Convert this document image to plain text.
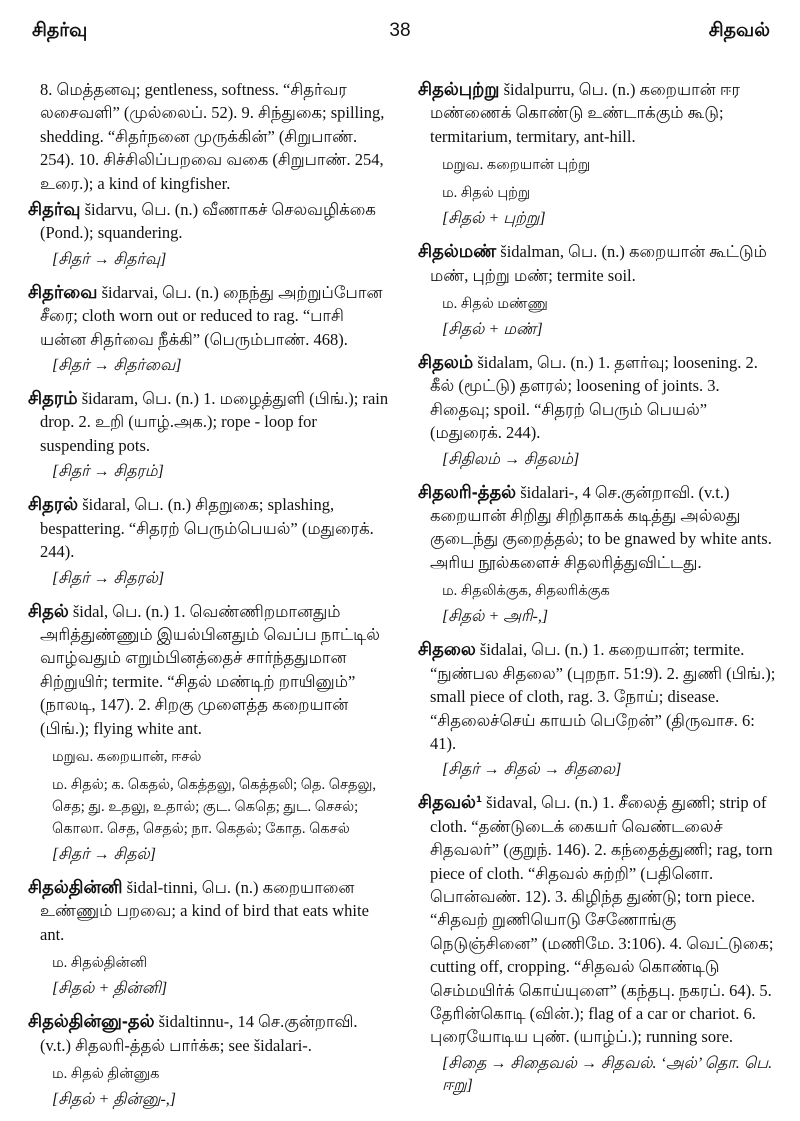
சிதர்வு	38	சிதவல்

8. மெத்தனவு; gentleness, softness. “சிதர்வர லசைவளி” (முல்லைப். 52). 9. சிந்துகை; spilling, shedding. “சிதர்நனை முருக்கின்” (சிறுபாண். 254). 10. சிச்சிலிப்பறவை வகை (சிறுபாண். 254, உரை.); a kind of kingfisher.

சிதர்வு šidarvu, பெ. (n.) வீணாகச் செலவழிக்கை (Pond.); squandering.

[சிதர் → சிதர்வு]

சிதர்வை šidarvai, பெ. (n.) நைந்து அற்றுப்போன சீரை; cloth worn out or reduced to rag. “பாசி யன்ன சிதர்வை நீக்கி” (பெரும்பாண். 468).

[சிதர் → சிதர்வை]

சிதரம் šidaram, பெ. (n.) 1. மழைத்துளி (பிங்.); rain drop. 2. உறி (யாழ்.அக.); rope - loop for suspending pots.

[சிதர் → சிதரம்]

சிதரல் šidaral, பெ. (n.) சிதறுகை; splashing, bespattering. “சிதரற் பெரும்பெயல்” (மதுரைக். 244).

[சிதர் → சிதரல்]

சிதல் šidal, பெ. (n.) 1. வெண்ணிறமானதும் அரித்துண்ணும் இயல்பினதும் வெப்ப நாட்டில் வாழ்வதும் எறும்பினத்தைச் சார்ந்ததுமான சிற்றுயிர்; termite. “சிதல் மண்டிற் றாயினும்” (நாலடி, 147). 2. சிறகு முளைத்த கறையான் (பிங்.); flying white ant.

மறுவ. கறையான், ஈசல்

ம. சிதல்; க. கெதல், கெத்தலு, கெத்தலி; தெ. செதலு, செத; து. உதலு, உதால்; குட. கெதெ; துட. செசல்; கொலா. செத, செதல்; நா. கெதல்; கோத. கெசல்

[சிதர் → சிதல்]

சிதல்தின்னி šidal-tinni, பெ. (n.) கறையானை உண்ணும் பறவை; a kind of bird that eats white ant.

ம. சிதல்தின்னி

[சிதல் + தின்னி]

சிதல்தின்னு-தல் šidaltinnu-, 14 செ.குன்றாவி. (v.t.) சிதலரி-த்தல் பார்க்க; see šidalari-.

ம. சிதல் தின்னுக

[சிதல் + தின்னு-,]

சிதல்புற்று šidalpurru, பெ. (n.) கறையான் ஈர மண்ணைக் கொண்டு உண்டாக்கும் கூடு; termitarium, termitary, ant-hill.

மறுவ. கறையான் புற்று

ம. சிதல் புற்று

[சிதல் + புற்று]

சிதல்மண் šidalman, பெ. (n.) கறையான் கூட்டும் மண், புற்று மண்; termite soil.

ம. சிதல் மண்ணு

[சிதல் + மண்]

சிதலம் šidalam, பெ. (n.) 1. தளர்வு; loosening. 2. கீல் (மூட்டு) தளரல்; loosening of joints. 3. சிதைவு; spoil. “சிதரற் பெரும் பெயல்” (மதுரைக். 244).

[சிதிலம் → சிதலம்]

சிதலரி-த்தல் šidalari-, 4 செ.குன்றாவி. (v.t.) கறையான் சிறிது சிறிதாகக் கடித்து அல்லது குடைந்து குறைத்தல்; to be gnawed by white ants. அரிய நூல்களைச் சிதலரித்துவிட்டது.

ம. சிதலிக்குக, சிதலரிக்குக

[சிதல் + அரி-,]

சிதலை šidalai, பெ. (n.) 1. கறையான்; termite. “நுண்பல சிதலை” (புறநா. 51:9). 2. துணி (பிங்.); small piece of cloth, rag. 3. நோய்; disease. “சிதலைச்செய் காயம் பெறேன்” (திருவாச. 6: 41).

[சிதர் → சிதல் → சிதலை]

சிதவல்¹ šidaval, பெ. (n.) 1. சீலைத் துணி; strip of cloth. “தண்டுடைக் கையர் வெண்டலைச் சிதவலர்” (குறுந். 146). 2. கந்தைத்துணி; rag, torn piece of cloth. “சிதவல் சுற்றி” (பதினொ. பொன்வண். 12). 3. கிழிந்த துண்டு; torn piece. “சிதவற் றுணியொடு சேணோங்கு நெடுஞ்சினை” (மணிமே. 3:106). 4. வெட்டுகை; cutting off, cropping. “சிதவல் கொண்டிடு செம்மயிர்க் கொய்யுளை” (கந்தபு. நகரப். 64). 5. தேரின்கொடி (வின்.); flag of a car or chariot. 6. புரையோடிய புண். (யாழ்ப்.); running sore.

[சிதை → சிதைவல் → சிதவல். ‘அல்’ தொ. பெ. ஈறு]
